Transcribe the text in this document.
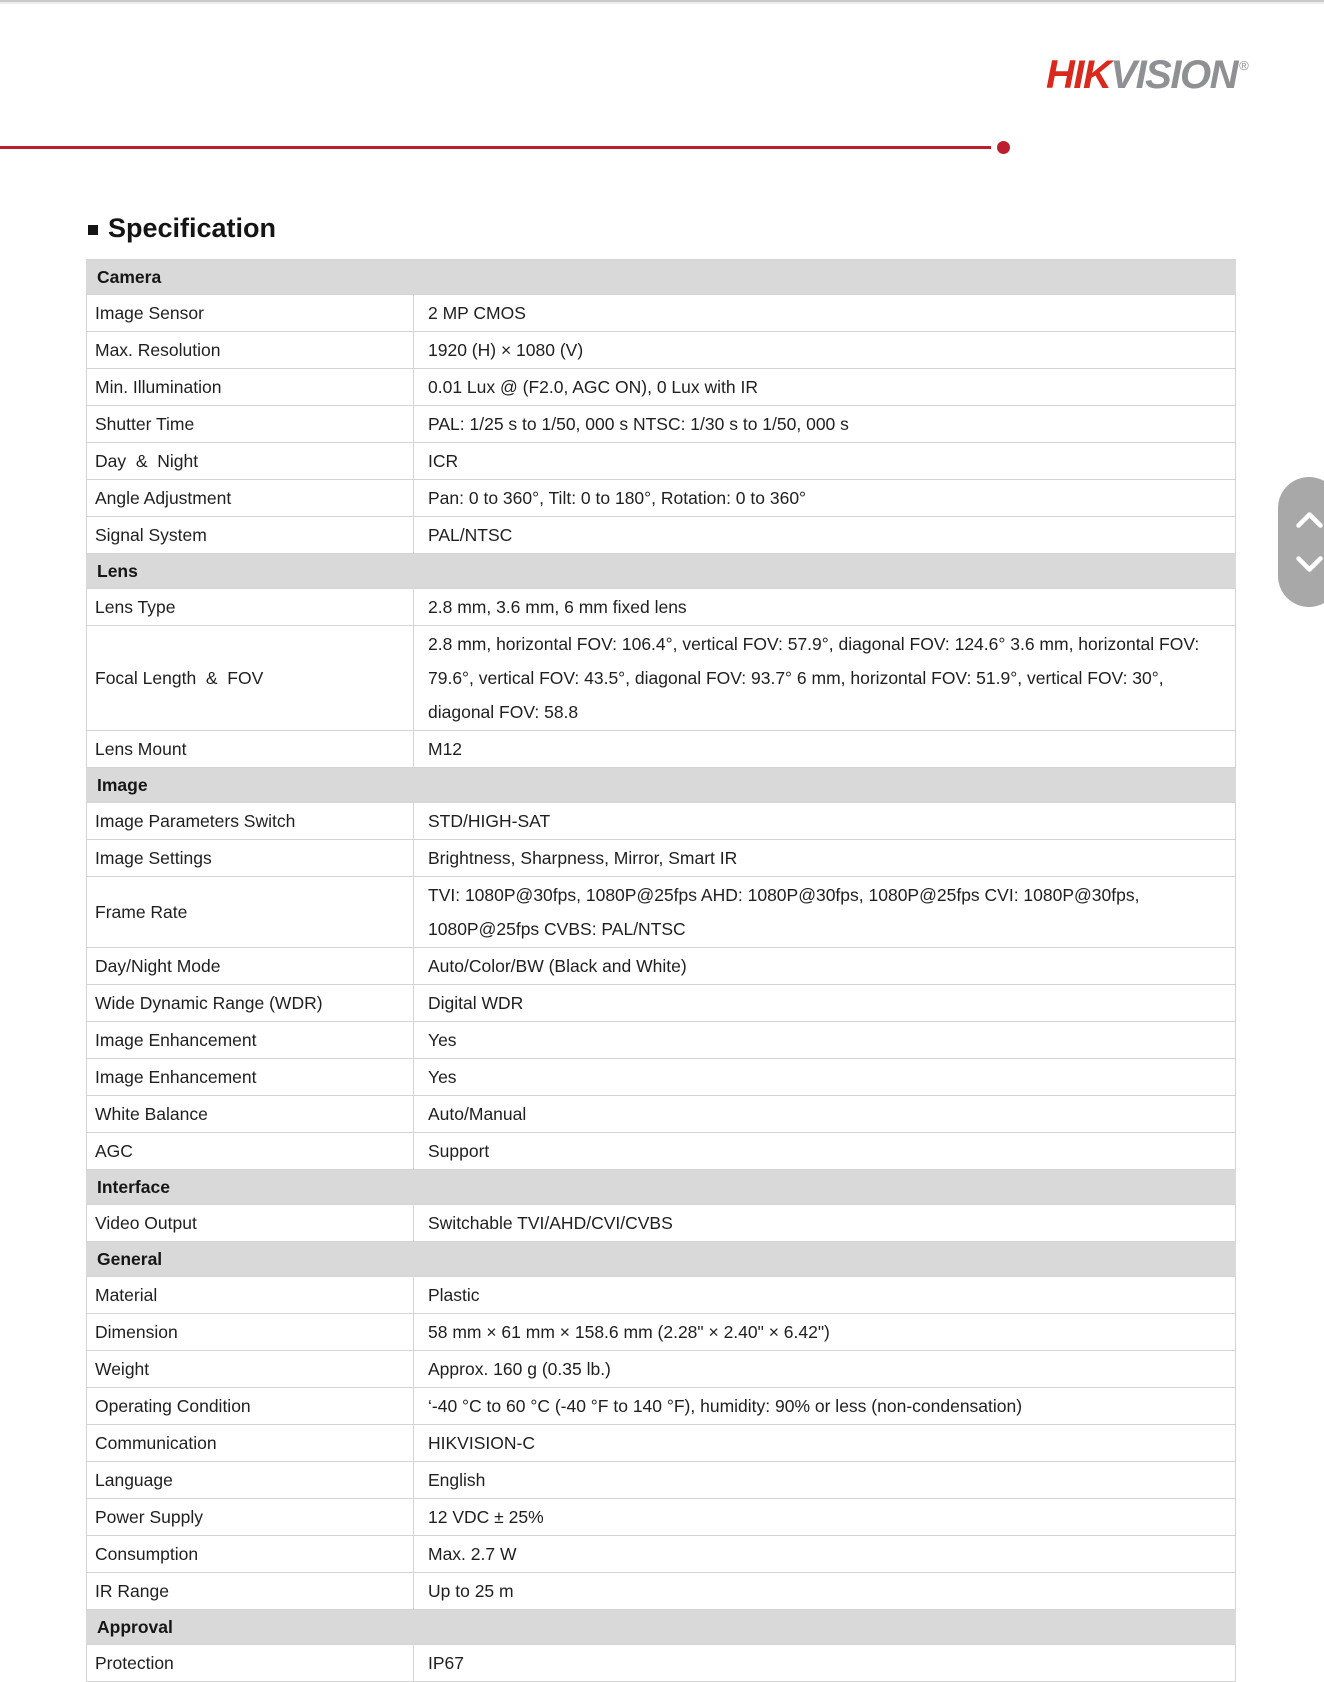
HIKVISION ®
Specification
Camera	
Image Sensor	2 MP CMOS
Max. Resolution	1920 (H) × 1080 (V)
Min. Illumination	0.01 Lux @ (F2.0, AGC ON), 0 Lux with IR
Shutter Time	PAL: 1/25 s to 1/50, 000 s NTSC: 1/30 s to 1/50, 000 s
Day  &  Night	ICR
Angle Adjustment	Pan: 0 to 360°, Tilt: 0 to 180°, Rotation: 0 to 360°
Signal System	PAL/NTSC
Lens	
Lens Type	2.8 mm, 3.6 mm, 6 mm fixed lens
Focal Length  &  FOV	2.8 mm, horizontal FOV: 106.4°, vertical FOV: 57.9°, diagonal FOV: 124.6° 3.6 mm, horizontal FOV: 79.6°, vertical FOV: 43.5°, diagonal FOV: 93.7° 6 mm, horizontal FOV: 51.9°, vertical FOV: 30°, diagonal FOV: 58.8
Lens Mount	M12
Image	
Image Parameters Switch	STD/HIGH-SAT
Image Settings	Brightness, Sharpness, Mirror, Smart IR
Frame Rate	TVI: 1080P@30fps, 1080P@25fps AHD: 1080P@30fps, 1080P@25fps CVI: 1080P@30fps, 1080P@25fps CVBS: PAL/NTSC
Day/Night Mode	Auto/Color/BW (Black and White)
Wide Dynamic Range (WDR)	Digital WDR
Image Enhancement	Yes
Image Enhancement	Yes
White Balance	Auto/Manual
AGC	Support
Interface	
Video Output	Switchable TVI/AHD/CVI/CVBS
General	
Material	Plastic
Dimension	58 mm × 61 mm × 158.6 mm (2.28" × 2.40" × 6.42")
Weight	Approx. 160 g (0.35 lb.)
Operating Condition	‘-40 °C to 60 °C (-40 °F to 140 °F), humidity: 90% or less (non-condensation)
Communication	HIKVISION-C
Language	English
Power Supply	12 VDC ± 25%
Consumption	Max. 2.7 W
IR Range	Up to 25 m
Approval	
Protection	IP67
